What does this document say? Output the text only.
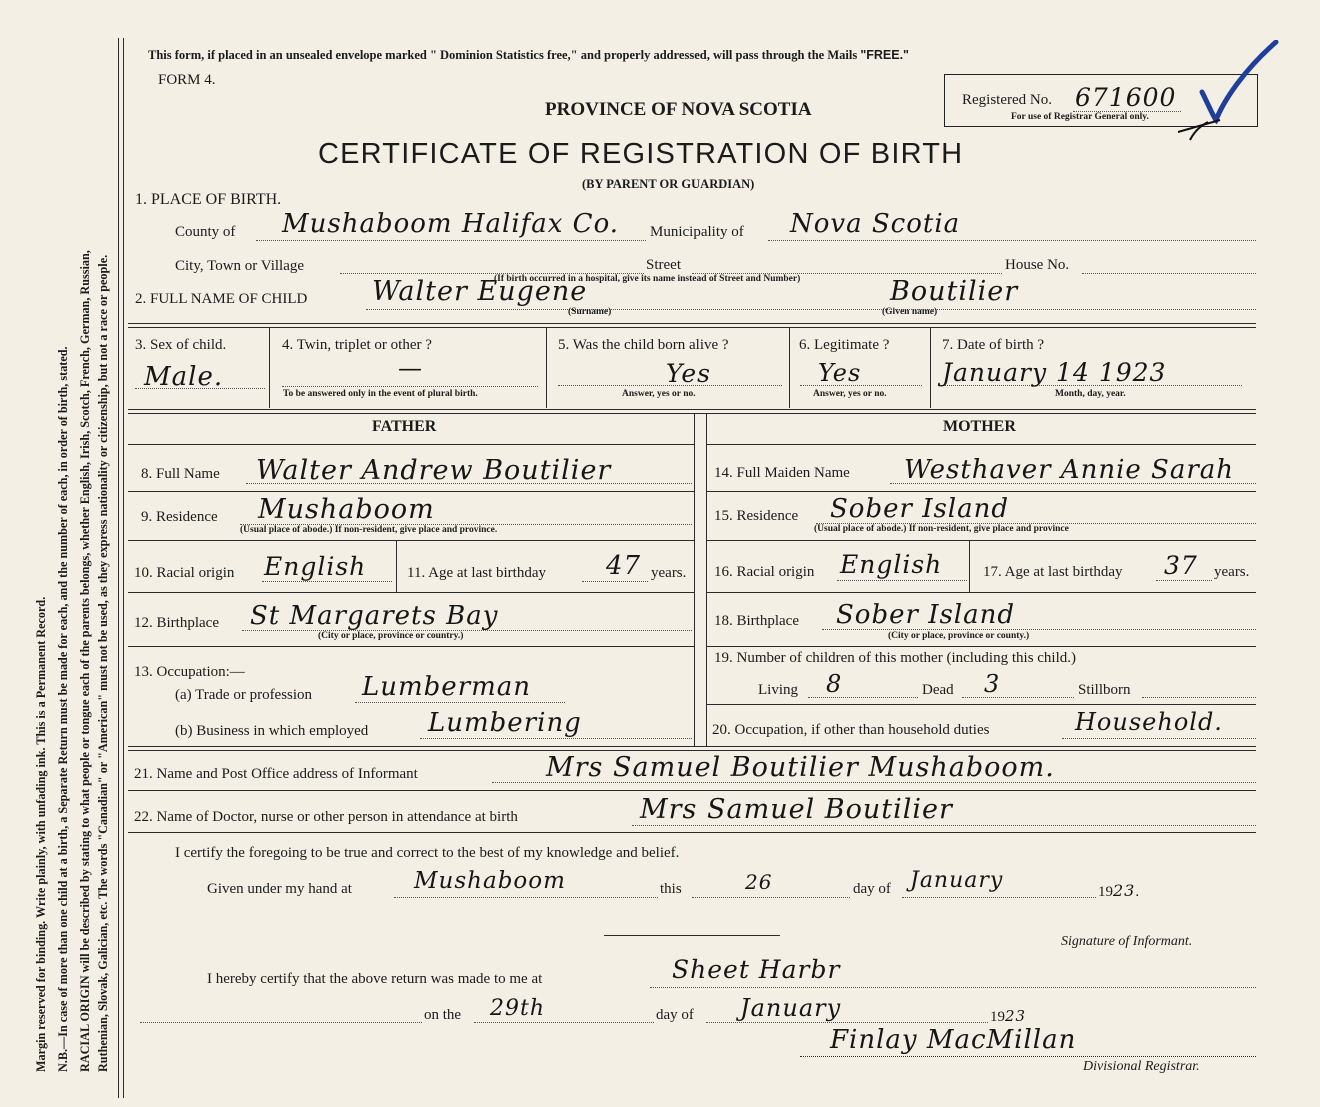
Margin reserved for binding. Write plainly, with unfading ink. This is a Permanent Record. N.B.—In case of more than one child at a birth, a Separate Return must be made for each, and the number of each, in order of birth, stated. RACIAL ORIGIN will be described by stating to what people or tongue each of the parents belongs, whether English, Irish, Scotch, French, German, Russian, Ruthenian, Slovak, Galician, etc. The words "Canadian" or "American" must not be used, as they express nationality or citizenship, but not a race or people.
This form, if placed in an unsealed envelope marked " Dominion Statistics free," and properly addressed, will pass through the Mails "FREE."
FORM 4.
PROVINCE OF NOVA SCOTIA
CERTIFICATE OF REGISTRATION OF BIRTH
(BY PARENT OR GUARDIAN)
Registered No. 671600
For use of Registrar General only.
1. PLACE OF BIRTH.
County of Mushaboom Halifax Co. Municipality of Nova Scotia
City, Town or Village	Street	House No.
(If birth occurred in a hospital, give its name instead of Street and Number)
2. FULL NAME OF CHILD Walter Eugene	Boutilier
(Surname)	(Given name)
3. Sex of child.
Male.
4. Twin, triplet or other ?
—
To be answered only in the event of plural birth.
5. Was the child born alive ?
Yes
Answer, yes or no.
6. Legitimate ?
Yes
Answer, yes or no.
7. Date of birth ?
January 14 1923
Month, day, year.
FATHER	MOTHER
8. Full Name Walter Andrew Boutilier
9. Residence Mushaboom
(Usual place of abode.) If non-resident, give place and province.
10. Racial origin English	11. Age at last birthday 47 years.
12. Birthplace St Margarets Bay
(City or place, province or country.)
13. Occupation:—
(a) Trade or profession Lumberman
(b) Business in which employed Lumbering
14. Full Maiden Name Westhaver Annie Sarah
15. Residence Sober Island
(Usual place of abode.) If non-resident, give place and province
16. Racial origin English	17. Age at last birthday 37 years.
18. Birthplace Sober Island
(City or place, province or county.)
19. Number of children of this mother (including this child.)
Living 8	Dead 3	Stillborn
20. Occupation, if other than household duties	Household.
21. Name and Post Office address of Informant	Mrs Samuel Boutilier Mushaboom.
22. Name of Doctor, nurse or other person in attendance at birth	Mrs Samuel Boutilier
I certify the foregoing to be true and correct to the best of my knowledge and belief.
Given under my hand at	Mushaboom	this	26	day of January	1923.
Signature of Informant.
I hereby certify that the above return was made to me at	Sheet Harbr
on the 29th	day of January	1923
Finlay MacMillan
Divisional Registrar.
